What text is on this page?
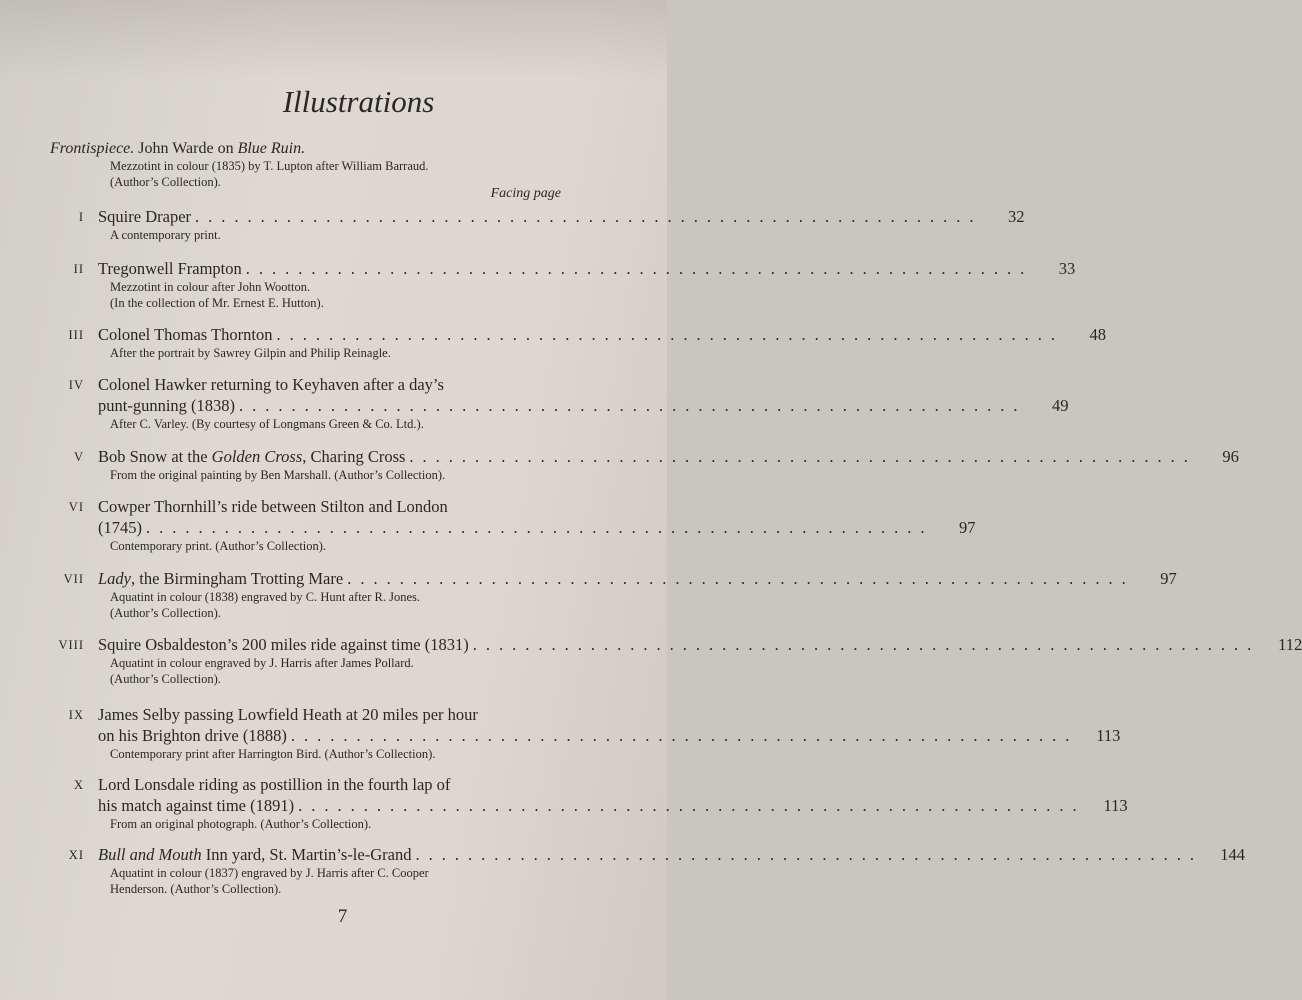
Illustrations
Frontispiece. John Warde on Blue Ruin.
Mezzotint in colour (1835) by T. Lupton after William Barraud.
(Author’s Collection).
Facing page
I Squire Draper ............................................................	32
A contemporary print.
II Tregonwell Frampton ............................................................	33
Mezzotint in colour after John Wootton.
(In the collection of Mr. Ernest E. Hutton).
III Colonel Thomas Thornton ............................................................	48
After the portrait by Sawrey Gilpin and Philip Reinagle.
IV Colonel Hawker returning to Keyhaven after a day’s
punt-gunning (1838) ............................................................	49
After C. Varley. (By courtesy of Longmans Green & Co. Ltd.).
V Bob Snow at the Golden Cross, Charing Cross ............................................................	96
From the original painting by Ben Marshall. (Author’s Collection).
VI Cowper Thornhill’s ride between Stilton and London
(1745) ............................................................	97
Contemporary print. (Author’s Collection).
VII Lady, the Birmingham Trotting Mare ............................................................	97
Aquatint in colour (1838) engraved by C. Hunt after R. Jones.
(Author’s Collection).
VIII Squire Osbaldeston’s 200 miles ride against time (1831) ............................................................	112
Aquatint in colour engraved by J. Harris after James Pollard.
(Author’s Collection).
IX James Selby passing Lowfield Heath at 20 miles per hour
on his Brighton drive (1888) ............................................................	113
Contemporary print after Harrington Bird. (Author’s Collection).
X Lord Lonsdale riding as postillion in the fourth lap of
his match against time (1891) ............................................................	113
From an original photograph. (Author’s Collection).
XI Bull and Mouth Inn yard, St. Martin’s-le-Grand ............................................................	144
Aquatint in colour (1837) engraved by J. Harris after C. Cooper
Henderson. (Author’s Collection).
7
